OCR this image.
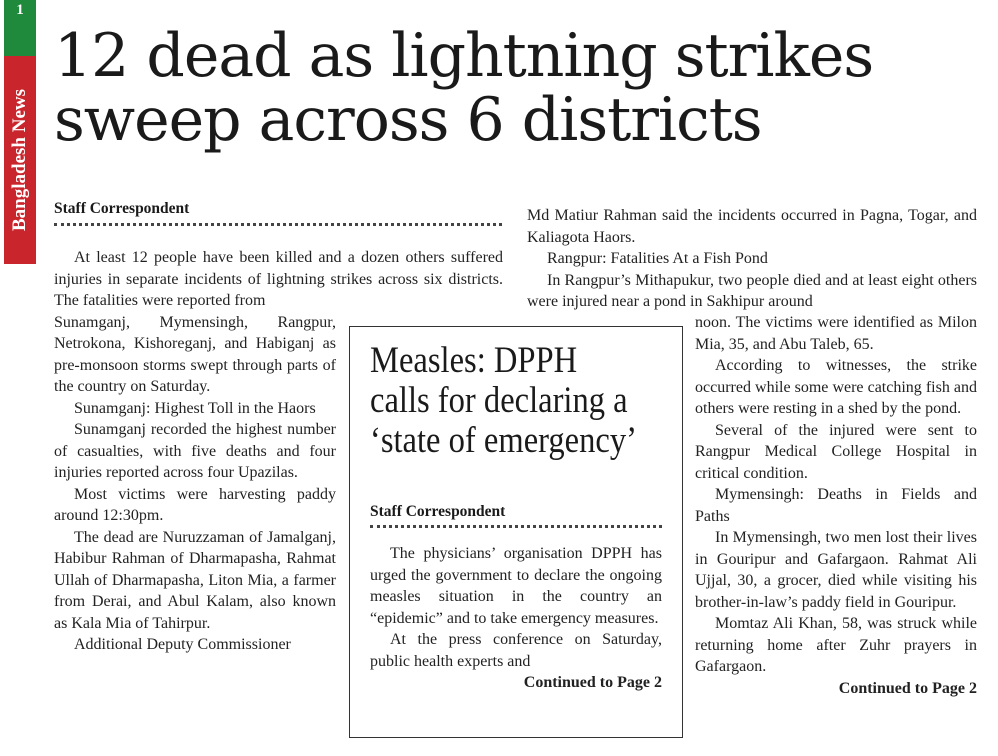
1
Bangladesh News
12 dead as lightning strikes
sweep across 6 districts
Staff Correspondent

At least 12 people have been killed and a dozen others suffered injuries in separate incidents of lightning strikes across six districts. The fatalities were reported from

Sunamganj, Mymensingh, Rangpur, Netrokona, Kishoreganj, and Habiganj as pre-monsoon storms swept through parts of the country on Saturday.

Sunamganj: Highest Toll in the Haors

Sunamganj recorded the highest number of casualties, with five deaths and four injuries reported across four Upazilas.

Most victims were harvesting paddy around 12:30pm.

The dead are Nuruzzaman of Jamalganj, Habibur Rahman of Dharmapasha, Rahmat Ullah of Dharmapasha, Liton Mia, a farmer from Derai, and Abul Kalam, also known as Kala Mia of Tahirpur.

Additional Deputy Commissioner

Md Matiur Rahman said the incidents occurred in Pagna, Togar, and Kaliagota Haors.

Rangpur: Fatalities At a Fish Pond

In Rangpur’s Mithapukur, two people died and at least eight others were injured near a pond in Sakhipur around

noon. The victims were identified as Milon Mia, 35, and Abu Taleb, 65.

According to witnesses, the strike occurred while some were catching fish and others were resting in a shed by the pond.

Several of the injured were sent to Rangpur Medical College Hospital in critical condition.

Mymensingh: Deaths in Fields and Paths

In Mymensingh, two men lost their lives in Gouripur and Gafargaon. Rahmat Ali Ujjal, 30, a grocer, died while visiting his brother-in-law’s paddy field in Gouripur.

Momtaz Ali Khan, 58, was struck while returning home after Zuhr prayers in Gafargaon.

Continued to Page 2

Measles: DPPH
calls for declaring a
‘state of emergency’
Staff Correspondent

The physicians’ organisation DPPH has urged the government to declare the ongoing measles situation in the country an “epidemic” and to take emergency measures.

At the press conference on Saturday, public health experts and

Continued to Page 2
